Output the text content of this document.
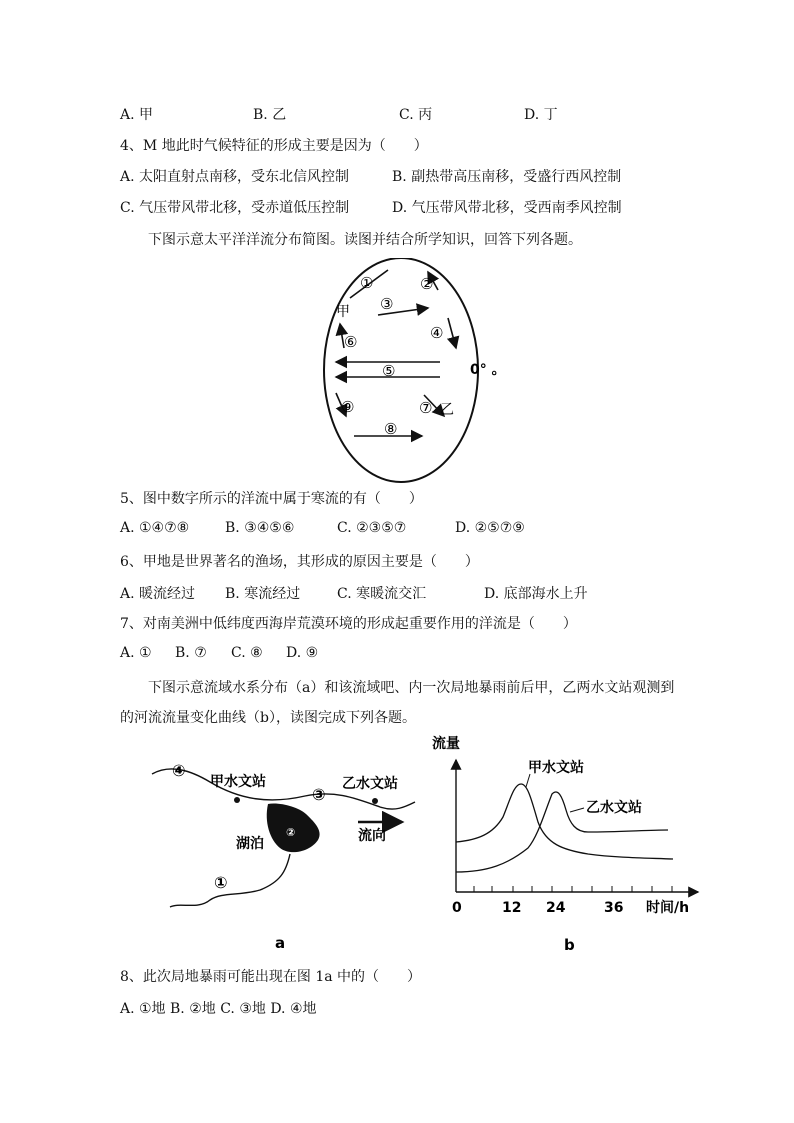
A. 甲	B. 乙	C. 丙	D. 丁
4、M 地此时气候特征的形成主要是因为（　　）
A. 太阳直射点南移，受东北信风控制	B. 副热带高压南移，受盛行西风控制
C. 气压带风带北移，受赤道低压控制	D. 气压带风带北移，受西南季风控制
下图示意太平洋洋流分布简图。读图并结合所学知识，回答下列各题。
①	②
③
④
⑤
⑥
⑦
⑧
⑨
甲
乙
0° 。
5、图中数字所示的洋流中属于寒流的有（　　）
A. ①④⑦⑧	B. ③④⑤⑥	C. ②③⑤⑦	D. ②⑤⑦⑨
6、甲地是世界著名的渔场，其形成的原因主要是（　　）
A. 暖流经过 B. 寒流经过	C. 寒暖流交汇	D. 底部海水上升
7、对南美洲中低纬度西海岸荒漠环境的形成起重要作用的洋流是（　　）
A. ① B. ⑦ C. ⑧ D. ⑨
下图示意流域水系分布（a）和该流域吧、内一次局地暴雨前后甲，乙两水文站观测到
的河流流量变化曲线（b），读图完成下列各题。
②
④
甲水文站
③
乙水文站
湖泊	流向
①
a
流量
0	12 24	36 时间/h
甲水文站
乙水文站
b
8、此次局地暴雨可能出现在图 1a 中的（　　）
A. ①地 B. ②地 C. ③地 D. ④地
